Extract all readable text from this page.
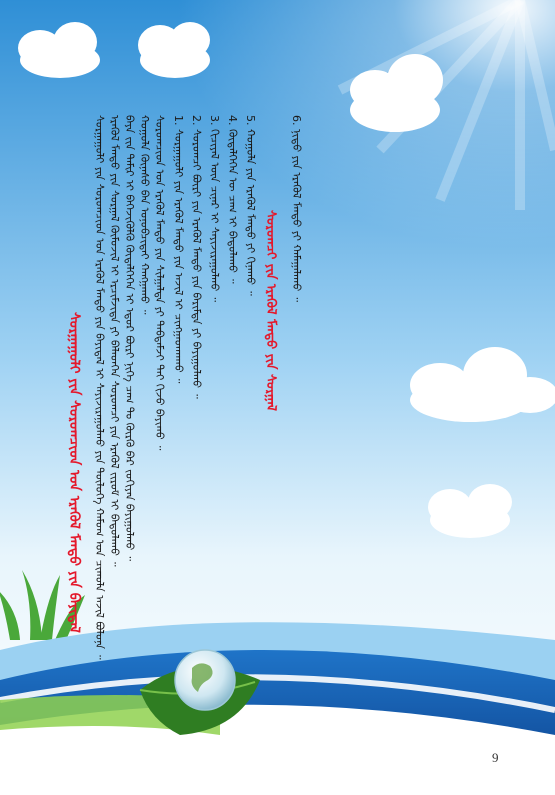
ᠰᠤᠷᠭᠠᠭᠤᠯᠢ ᠶᠢᠨ ᠰᠤᠷᠤᠭᠴᠢᠳ ᠤᠨ ᠡᠷᠡᠭᠦᠯ ᠮᠡᠨᠳᠦ ᠶᠢᠨ ᠪᠠᠶᠢᠳᠠᠯ ᠰᠤᠷᠭᠠᠭᠤᠯᠢ ᠶᠢᠨ ᠰᠤᠷᠤᠭᠴᠢᠳ ᠤᠨ ᠡᠷᠡᠭᠦᠯ ᠮᠡᠨᠳᠦ ᠶᠢᠨ ᠪᠠᠶᠢᠳᠠᠯ ᠢ ᠰᠠᠶᠢᠵᠢᠷᠠᠭᠤᠯᠬᠤ ᠶᠢᠨ ᠲᠥᠯᠥᠭᠡ ᠬᠠᠮᠤᠭ ᠤᠨ ᠴᠢᠬᠤᠯᠠ ᠠᠵᠢᠯ ᠪᠣᠯᠤᠨᠠ ᠃ ᠡᠷᠡᠭᠦᠯ ᠮᠡᠨᠳᠦ ᠶᠢᠨ ᠰᠤᠷᠭᠠᠯ ᠬᠦᠮᠦᠵᠢᠯ ᠢ ᠡᠷᠴᠢᠮᠵᠢᠳᠡ ᠶᠢ ᠪᠡᠯᠡᠳᠬᠡᠨ ᠰᠤᠷᠤᠭᠴᠢ ᠶᠢᠨ ᠡᠷᠡᠭᠦᠯ ᠵᠢᠷᠤᠮ ᠢ ᠪᠠᠲᠤᠯᠠᠬᠤ ᠃ ᠪᠡᠶᠡ ᠵᠢᠨ ᠲᠠᠮᠢᠷ ᠢ ᠪᠡᠬᠡᠵᠢᠭᠦᠯᠬᠦ ᠬᠥᠳᠡᠯᠭᠡᠭᠡᠨ ᠢ ᠡᠳᠦᠷ ᠪᠦᠷᠢ ᠨᠢᠭᠡ ᠴᠠᠭ ᠲᠤ ᠬᠦᠷᠬᠦ ᠪᠡᠷ ᠵᠣᠬᠢᠶᠠᠨ ᠪᠠᠶᠢᠭᠤᠯᠬᠤ ᠃ ᠬᠣᠭᠣᠯᠠ ᠬᠦᠨᠡᠰᠦ ᠪᠡᠨ ᠣᠨᠣᠪᠴᠢᠲᠠᠢ ᠬᠠᠩᠭᠠᠬᠤ ᠃ ᠰᠤᠷᠤᠭᠴᠢᠳ ᠤᠨ ᠡᠷᠡᠭᠦᠯ ᠮᠡᠨᠳᠦ ᠶᠢᠨ ᠰᠢᠯᠭᠠᠯᠲᠠ ᠶᠢ ᠳᠠᠪᠲᠠᠮᠵᠢ ᠲᠠᠢ ᠬᠢᠵᠦ ᠪᠠᠶᠢᠬᠤ ᠃ 1. ᠰᠤᠷᠭᠠᠭᠤᠯᠢ ᠶᠢᠨ ᠡᠷᠡᠭᠦᠯ ᠮᠡᠨᠳᠦ ᠶᠢᠨ ᠠᠵᠢᠯ ᠢ ᠴᠢᠩᠭᠠᠳᠬᠠᠬᠤ ᠃ 2. ᠰᠤᠷᠤᠭᠴᠢ ᠪᠦᠷᠢ ᠶᠢᠨ ᠡᠷᠡᠭᠦᠯ ᠮᠡᠨᠳᠦ ᠶᠢᠨ ᠪᠠᠷᠢᠮᠲᠠ ᠶᠢ ᠪᠠᠶᠢᠭᠤᠯᠬᠤ ᠃ 3. ᠬᠢᠴᠢᠶᠡᠯ ᠦᠨ ᠴᠢᠨᠠᠷ ᠢ ᠰᠠᠶᠢᠵᠢᠷᠠᠭᠤᠯᠬᠤ ᠃ 4. ᠬᠥᠳᠡᠯᠭᠡᠭᠡᠨ ᠦ ᠴᠠᠭ ᠢ ᠪᠠᠲᠤᠯᠠᠬᠤ ᠃ 5. ᠬᠣᠭᠣᠯᠠ ᠶᠢᠨ ᠡᠷᠡᠭᠦᠯ ᠮᠡᠨᠳᠦ ᠶᠢ ᠬᠢᠨᠠᠬᠤ ᠃
ᠰᠤᠷᠤᠭᠴᠢ ᠶᠢᠨ ᠡᠷᠡᠭᠦᠯ ᠮᠡᠨᠳᠦ ᠶᠢᠨ ᠰᠤᠷᠭᠠᠯ
6. ᠨᠢᠳᠦ ᠶᠢᠨ ᠡᠷᠡᠭᠦᠯ ᠮᠡᠨᠳᠦ ᠶᠢ ᠬᠠᠮᠠᠭᠠᠯᠠᠬᠤ ᠃
9
